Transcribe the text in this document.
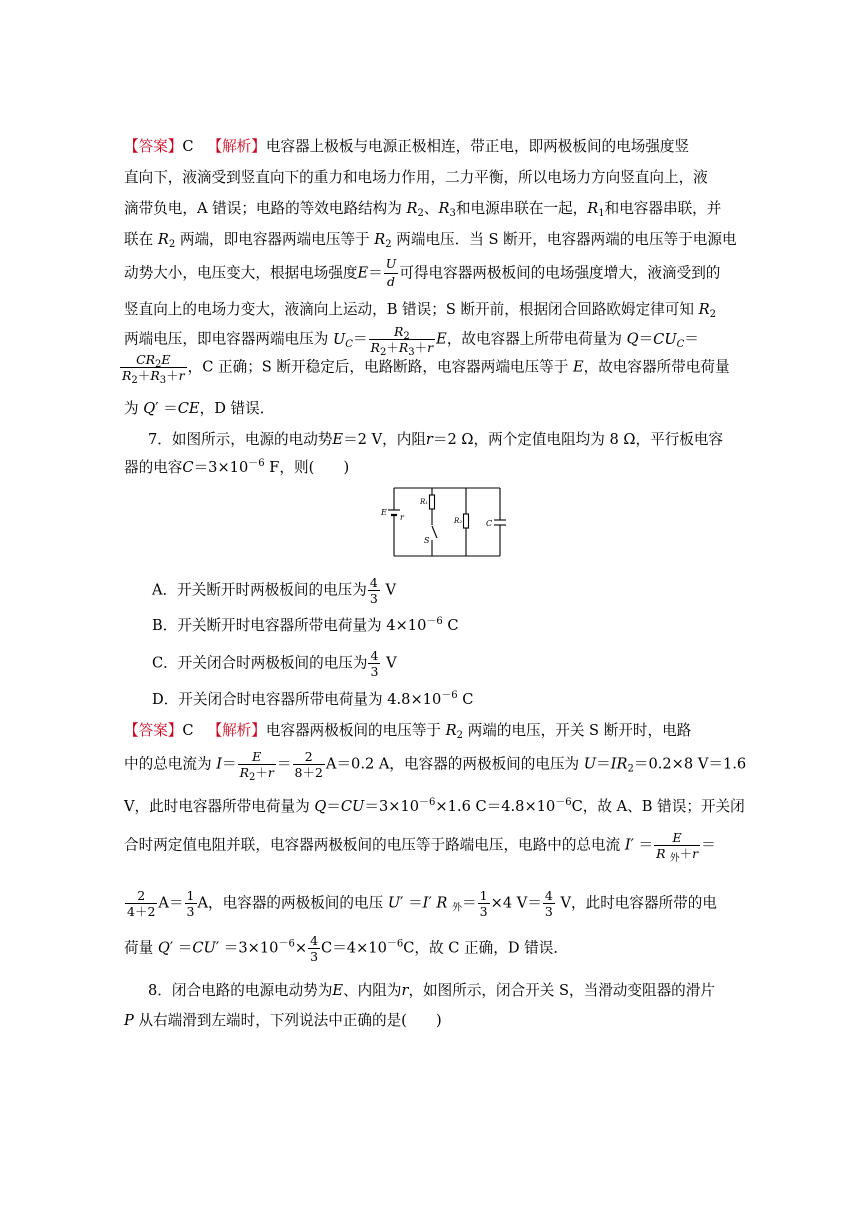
【答案】C 【解析】电容器上极板与电源正极相连，带正电，即两极板间的电场强度竖
直向下，液滴受到竖直向下的重力和电场力作用，二力平衡，所以电场力方向竖直向上，液
滴带负电，A 错误；电路的等效电路结构为 $R_2$、$R_3$和电源串联在一起，$R_1$和电容器串联，并
联在 $R_2$ 两端，即电容器两端电压等于 $R_2$ 两端电压．当 S 断开，电容器两端的电压等于电源电
动势大小，电压变大，根据电场强度$E= \frac{U}{d}$ 可得电容器两极板间的电场强度增大，液滴受到的
竖直向上的电场力变大，液滴向上运动，B 错误；S 断开前，根据闭合回路欧姆定律可知 $R_2$
两端电压，即电容器两端电压为 $U_C= \frac{R_2}{R_2+R_3+r}$ E，故电容器上所带电荷量为 $Q=CU_C=$
$\frac{CR_2E}{R_2+R_3+r}$ ，C 正确；S 断开稳定后，电路断路，电容器两端电压等于 E，故电容器所带电荷量
为 Q′ ＝CE，D 错误．
7．如图所示，电源的电动势E＝2 V，内阻r＝2 Ω，两个定值电阻均为 8 Ω，平行板电容
器的电容$C=3\times 10^{-6}$ F，则(　　)
E
r
R₁
R₂	C
S
A．开关断开时两极板间的电压为 $\frac{4}{3}$ V
B．开关断开时电容器所带电荷量为 $4\times 10^{-6}$ C
C．开关闭合时两极板间的电压为 $\frac{4}{3}$ V
D．开关闭合时电容器所带电荷量为 $4.8\times 10^{-6}$ C
【答案】C 【解析】电容器两极板间的电压等于 $R_2$ 两端的电压，开关 S 断开时，电路
中的总电流为 $I= \frac{E}{R_2+r} = \frac{2}{8+2} A=0.2$ A，电容器的两极板间的电压为 $U=IR_2=0.2\times 8$ V＝1.6
V，此时电容器所带电荷量为 $Q=CU=3\times 10^{-6}\times 1.6$ $C=4.8\times 10^{-6}C$，故 A、B 错误；开关闭
合时两定值电阻并联，电容器两极板间的电压等于路端电压，电路中的总电流 $I' = \frac{E}{R _外+r}$ ＝
$\frac{2}{4+2} A= \frac{1}{3}$ A，电容器的两极板间的电压 U′ ＝I′ R $_外= \frac{1}{3} \times 4$ $V= \frac{4}{3}$ V，此时电容器所带的电
荷量 $Q' =CU' =3\times 10^{-6}\times \frac{4}{3} C=4\times 10^{-6}C$，故 C 正确，D 错误．
8．闭合电路的电源电动势为E、内阻为r，如图所示，闭合开关 S，当滑动变阻器的滑片
P 从右端滑到左端时，下列说法中正确的是(　　)
